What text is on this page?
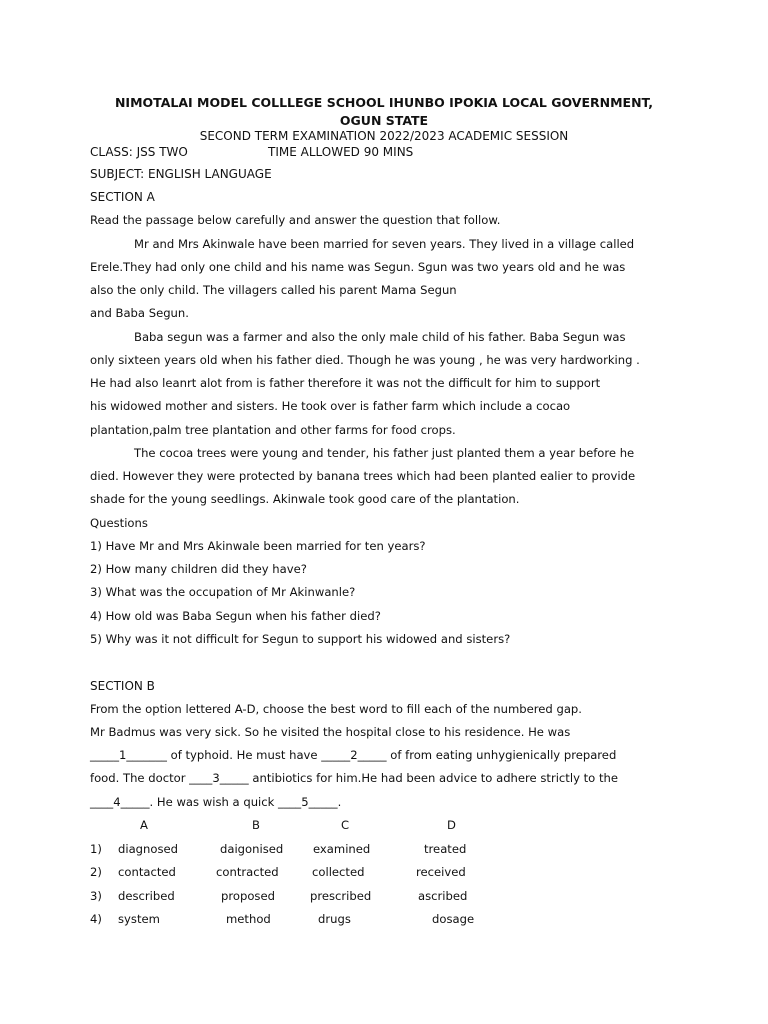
NIMOTALAI MODEL COLLLEGE SCHOOL IHUNBO IPOKIA LOCAL GOVERNMENT,
OGUN STATE
SECOND TERM EXAMINATION 2022/2023 ACADEMIC SESSION
CLASS: JSS TWO	TIME ALLOWED 90 MINS
SUBJECT: ENGLISH LANGUAGE
SECTION A
Read the passage below carefully and answer the question that follow.
Mr and Mrs Akinwale have been married for seven years. They lived in a village called
Erele.They had only one child and his name was Segun. Sgun was two years old and he was
also the only child. The villagers called his parent Mama Segun
and Baba Segun.
Baba segun was a farmer and also the only male child of his father. Baba Segun was
only sixteen years old when his father died. Though he was young , he was very hardworking .
He had also leanrt alot from is father therefore it was not the difficult for him to support
his widowed mother and sisters. He took over is father farm which include a cocao
plantation,palm tree plantation and other farms for food crops.
The cocoa trees were young and tender, his father just planted them a year before he
died. However they were protected by banana trees which had been planted ealier to provide
shade for the young seedlings. Akinwale took good care of the plantation.
Questions
1) Have Mr and Mrs Akinwale been married for ten years?
2) How many children did they have?
3) What was the occupation of Mr Akinwanle?
4) How old was Baba Segun when his father died?
5) Why was it not difficult for Segun to support his widowed and sisters?
SECTION B
From the option lettered A-D, choose the best word to fill each of the numbered gap.
Mr Badmus was very sick. So he visited the hospital close to his residence. He was
_____1_______ of typhoid. He must have _____2_____ of from eating unhygienically prepared
food. The doctor ____3_____ antibiotics for him.He had been advice to adhere strictly to the
____4_____. He was wish a quick ____5_____.
A	B	C	D
1) diagnosed	daigonised	examined	treated
2) contacted	contracted	collected	received
3) described	proposed	prescribed	ascribed
4) system	method	drugs	dosage
